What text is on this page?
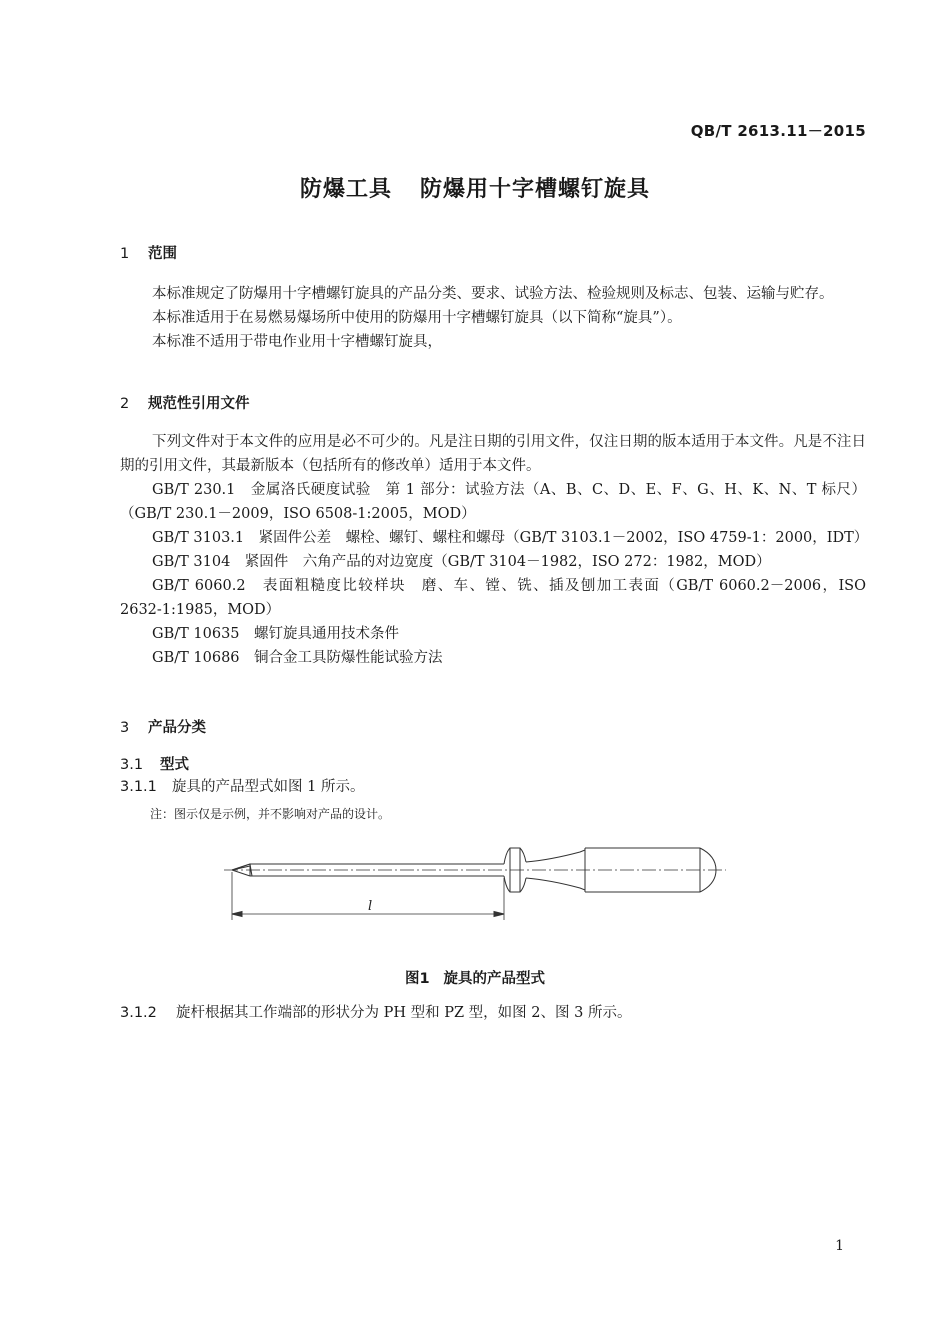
QB/T 2613.11－2015
防爆工具 防爆用十字槽螺钉旋具
1 范围

本标准规定了防爆用十字槽螺钉旋具的产品分类、要求、试验方法、检验规则及标志、包装、运输与贮存。

本标准适用于在易燃易爆场所中使用的防爆用十字槽螺钉旋具（以下简称“旋具”）。

本标准不适用于带电作业用十字槽螺钉旋具，

2 规范性引用文件

下列文件对于本文件的应用是必不可少的。凡是注日期的引用文件，仅注日期的版本适用于本文件。凡是不注日期的引用文件，其最新版本（包括所有的修改单）适用于本文件。

GB/T 230.1　金属洛氏硬度试验　第 1 部分：试验方法（A、B、C、D、E、F、G、H、K、N、T 标尺）（GB/T 230.1－2009，ISO 6508-1:2005，MOD）

GB/T 3103.1　紧固件公差　螺栓、螺钉、螺柱和螺母（GB/T 3103.1－2002，ISO 4759-1：2000，IDT）

GB/T 3104　紧固件　六角产品的对边宽度（GB/T 3104－1982，ISO 272：1982，MOD）

GB/T 6060.2　表面粗糙度比较样块　磨、车、镗、铣、插及刨加工表面（GB/T 6060.2－2006，ISO 2632-1:1985，MOD）

GB/T 10635　螺钉旋具通用技术条件

GB/T 10686　铜合金工具防爆性能试验方法

3 产品分类
3.1 型式
3.1.1 旋具的产品型式如图 1 所示。
注：图示仅是示例，并不影响对产品的设计。
l
图1 旋具的产品型式
3.1.2 旋杆根据其工作端部的形状分为 PH 型和 PZ 型，如图 2、图 3 所示。
1
